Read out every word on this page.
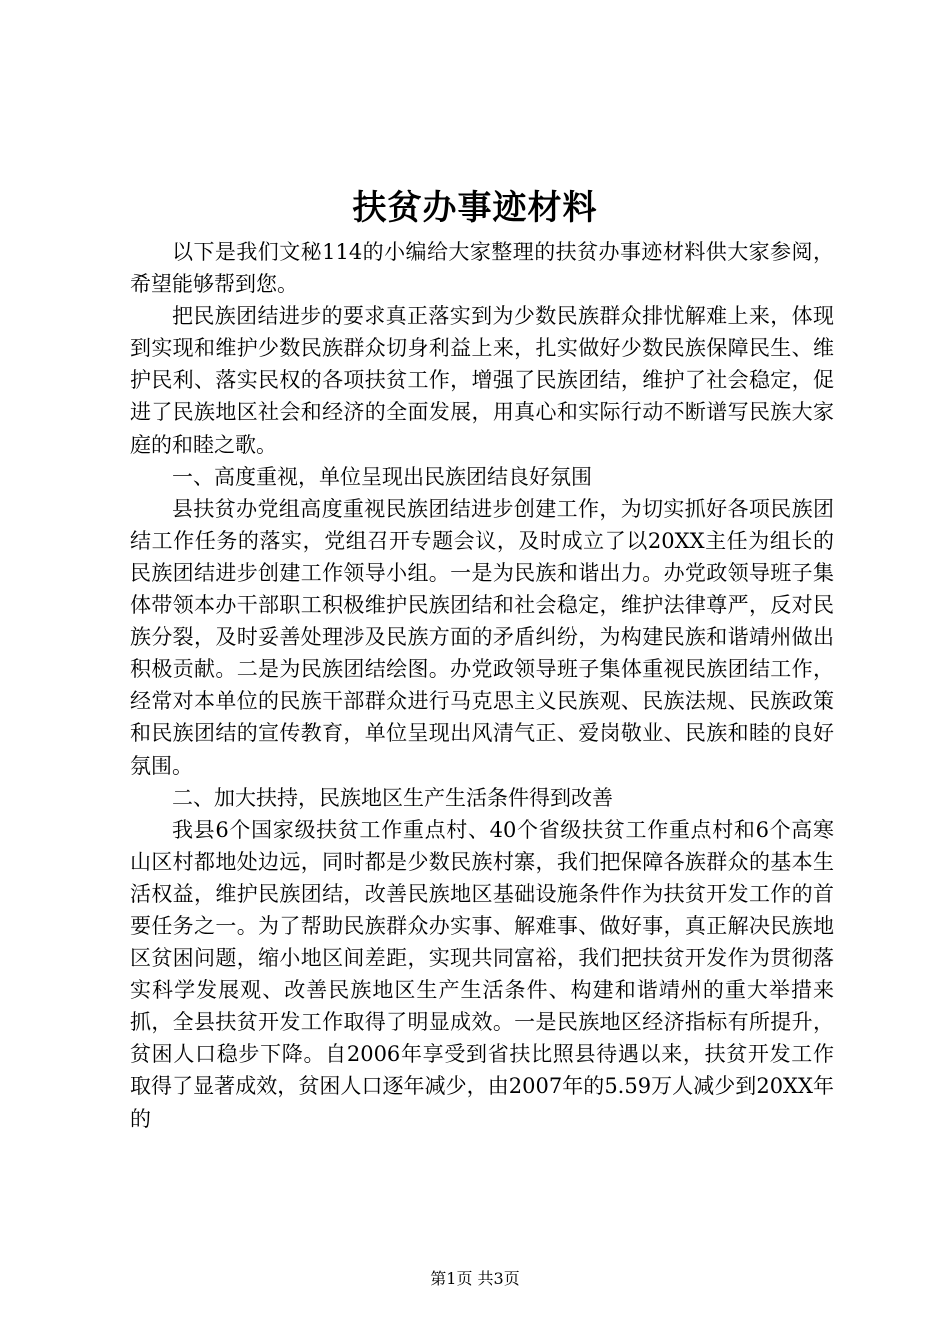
扶贫办事迹材料

以下是我们文秘114的小编给大家整理的扶贫办事迹材料供大家参阅，希望能够帮到您。

把民族团结进步的要求真正落实到为少数民族群众排忧解难上来，体现到实现和维护少数民族群众切身利益上来，扎实做好少数民族保障民生、维护民利、落实民权的各项扶贫工作，增强了民族团结，维护了社会稳定，促进了民族地区社会和经济的全面发展，用真心和实际行动不断谱写民族大家庭的和睦之歌。

一、高度重视，单位呈现出民族团结良好氛围

县扶贫办党组高度重视民族团结进步创建工作，为切实抓好各项民族团结工作任务的落实，党组召开专题会议，及时成立了以20XX主任为组长的民族团结进步创建工作领导小组。一是为民族和谐出力。办党政领导班子集体带领本办干部职工积极维护民族团结和社会稳定，维护法律尊严，反对民族分裂，及时妥善处理涉及民族方面的矛盾纠纷，为构建民族和谐靖州做出积极贡献。二是为民族团结绘图。办党政领导班子集体重视民族团结工作，经常对本单位的民族干部群众进行马克思主义民族观、民族法规、民族政策和民族团结的宣传教育，单位呈现出风清气正、爱岗敬业、民族和睦的良好氛围。

二、加大扶持，民族地区生产生活条件得到改善

我县6个国家级扶贫工作重点村、40个省级扶贫工作重点村和6个高寒山区村都地处边远，同时都是少数民族村寨，我们把保障各族群众的基本生活权益，维护民族团结，改善民族地区基础设施条件作为扶贫开发工作的首要任务之一。为了帮助民族群众办实事、解难事、做好事，真正解决民族地区贫困问题，缩小地区间差距，实现共同富裕，我们把扶贫开发作为贯彻落实科学发展观、改善民族地区生产生活条件、构建和谐靖州的重大举措来抓，全县扶贫开发工作取得了明显成效。一是民族地区经济指标有所提升，贫困人口稳步下降。自2006年享受到省扶比照县待遇以来，扶贫开发工作取得了显著成效，贫困人口逐年减少，由2007年的5.59万人减少到20XX年的

第1页 共3页
